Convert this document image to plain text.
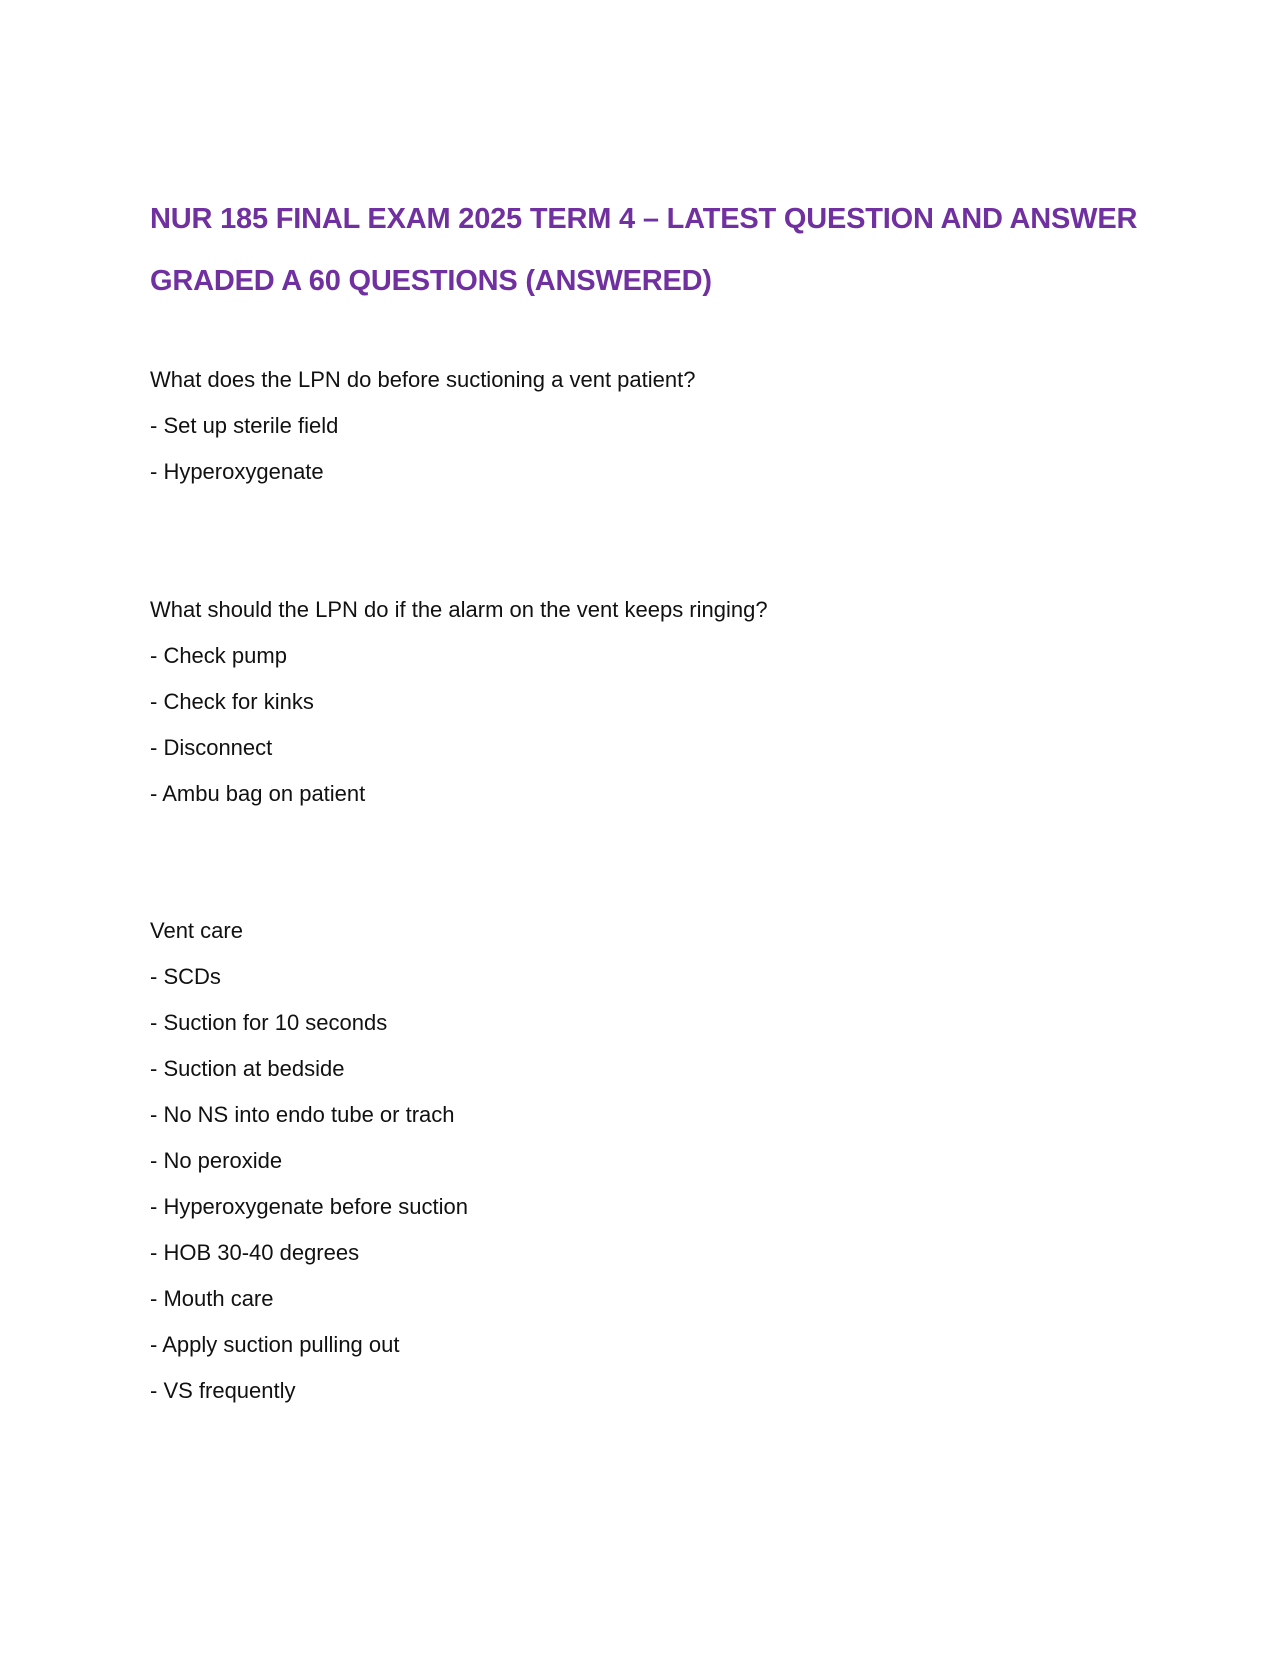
NUR 185 FINAL EXAM 2025 TERM 4 – LATEST QUESTION AND ANSWER
GRADED A 60 QUESTIONS (ANSWERED)

What does the LPN do before suctioning a vent patient?

- Set up sterile field

- Hyperoxygenate

What should the LPN do if the alarm on the vent keeps ringing?

- Check pump

- Check for kinks

- Disconnect

- Ambu bag on patient

Vent care

- SCDs

- Suction for 10 seconds

- Suction at bedside

- No NS into endo tube or trach

- No peroxide

- Hyperoxygenate before suction

- HOB 30-40 degrees

- Mouth care

- Apply suction pulling out

- VS frequently
